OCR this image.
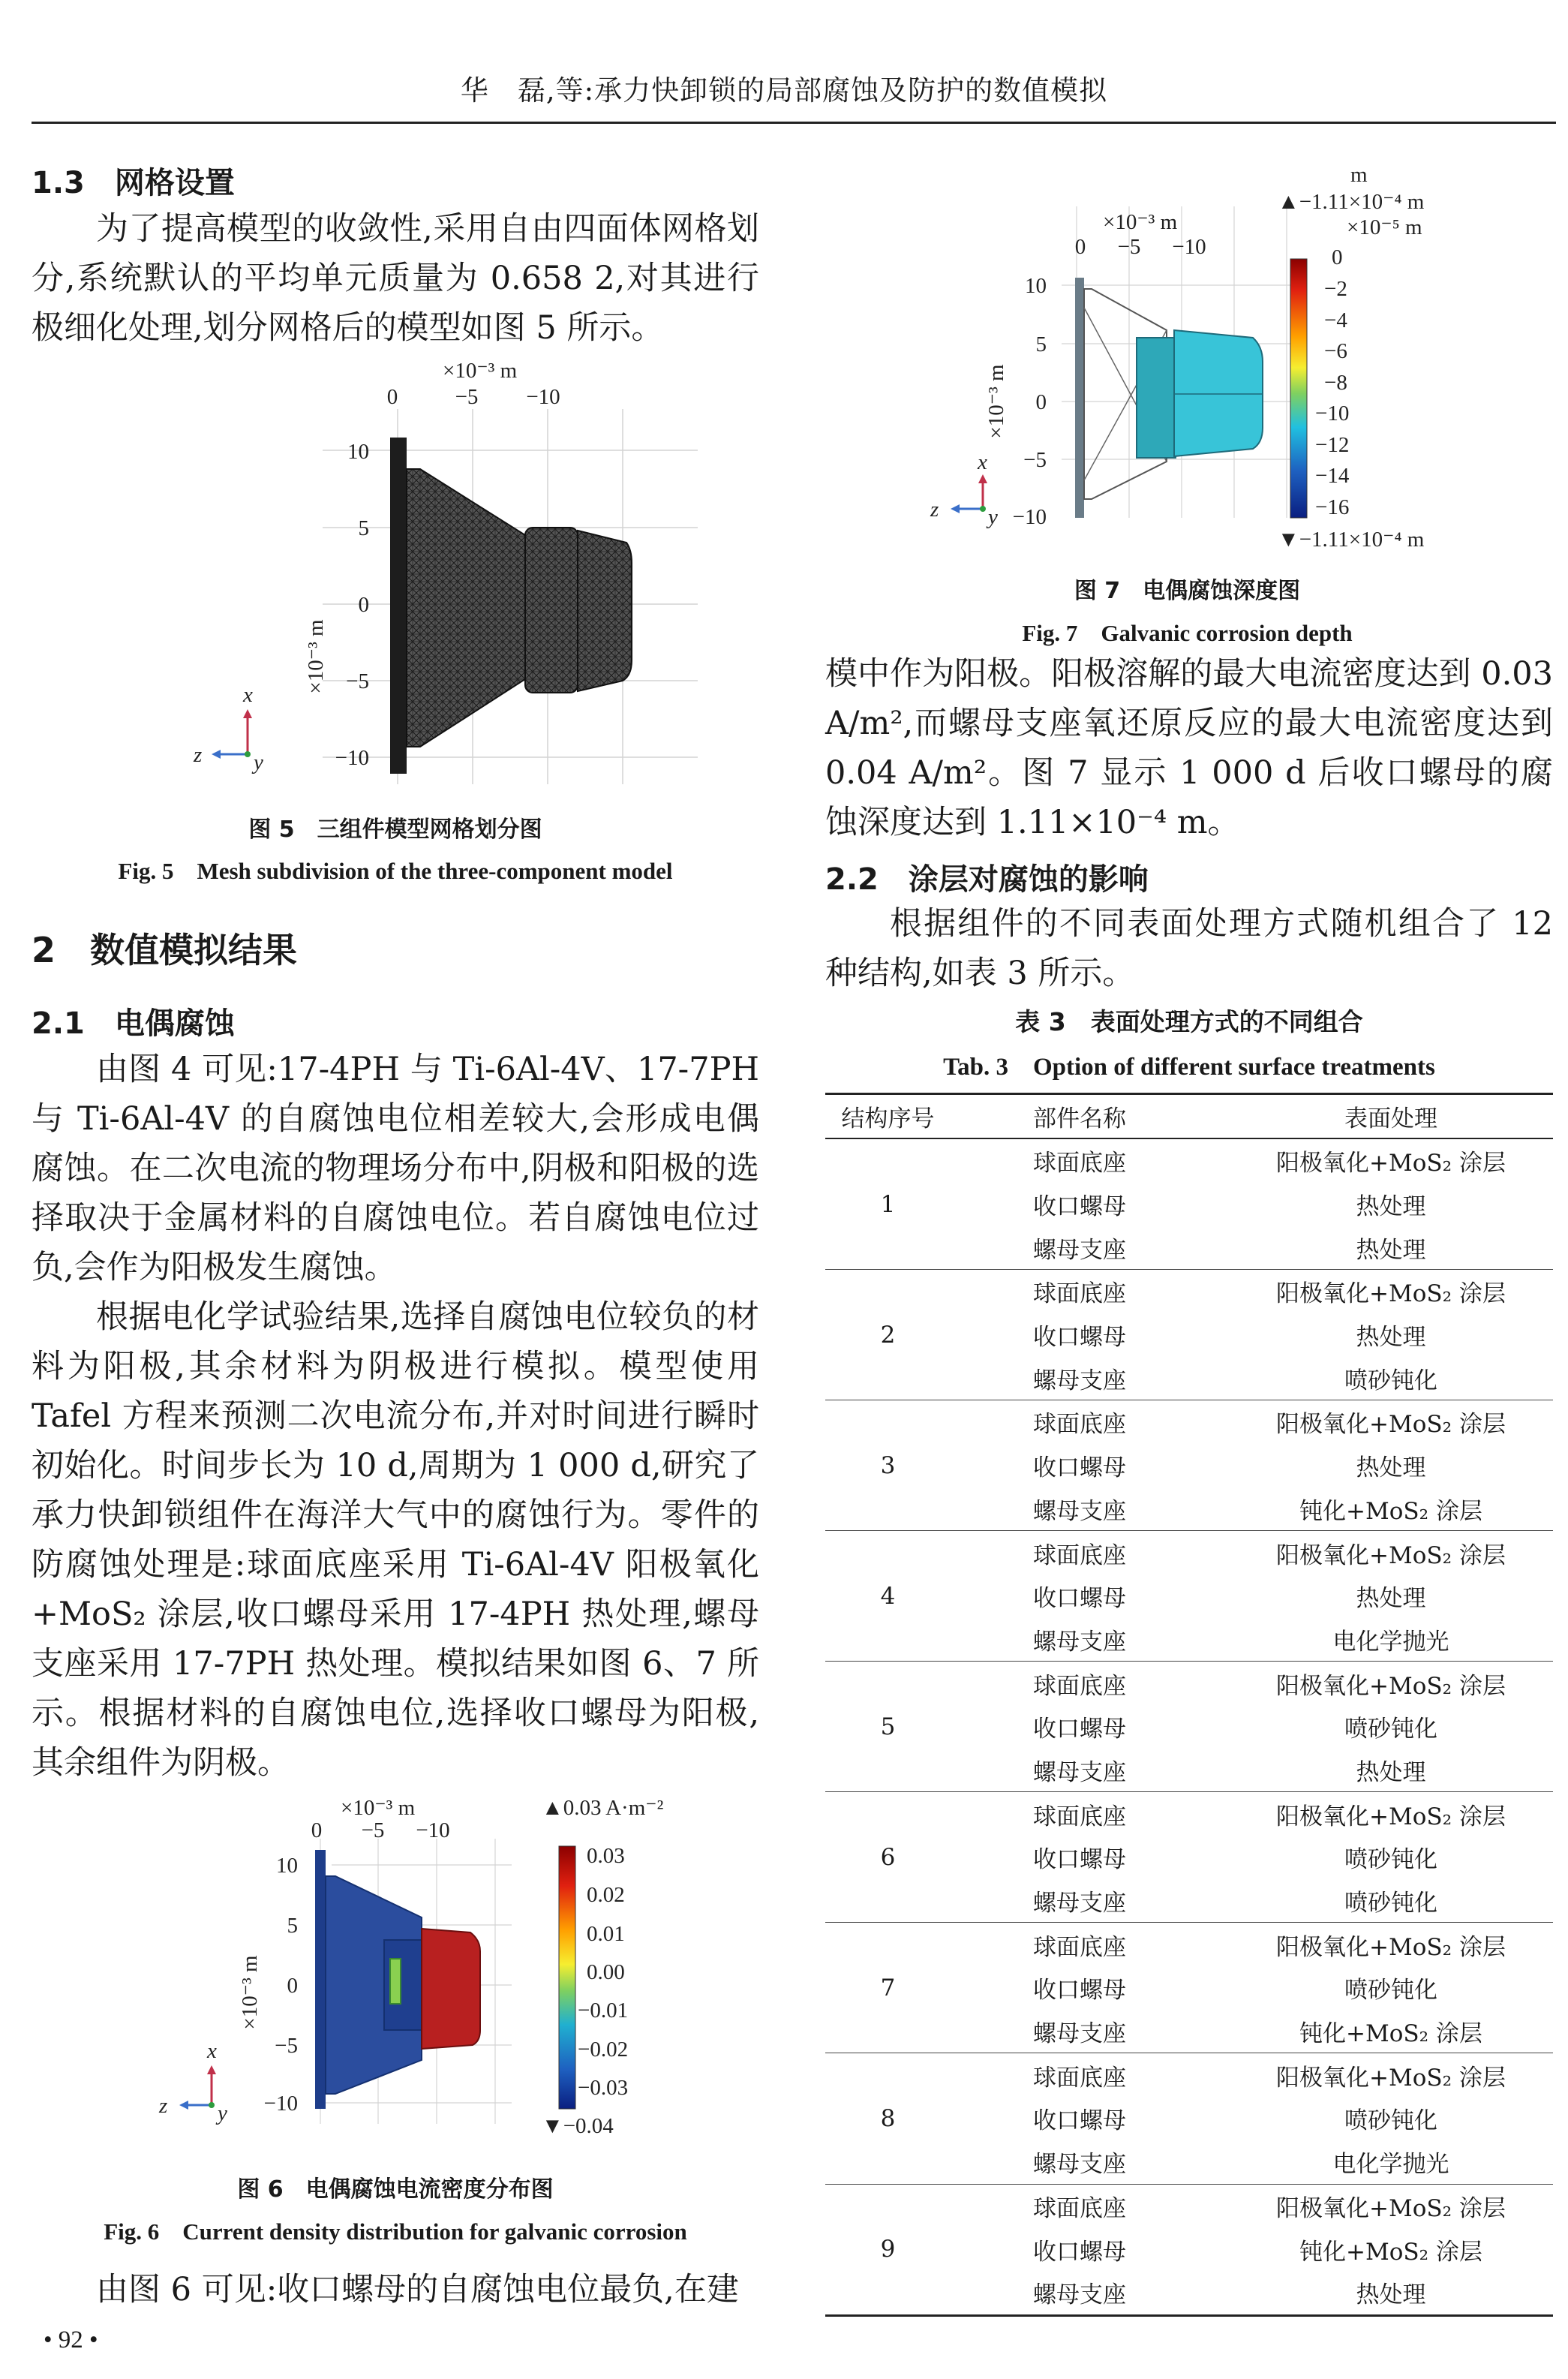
华　磊,等:承力快卸锁的局部腐蚀及防护的数值模拟
1.3　网格设置

为了提高模型的收敛性,采用自由四面体网格划分,系统默认的平均单元质量为 0.658 2,对其进行极细化处理,划分网格后的模型如图 5 所示。

×10⁻³ m
0	−5 −10
10
5
0
−5
−10
×10⁻³ m
x
z y
图 5　三组件模型网格划分图
Fig. 5　Mesh subdivision of the three-component model
2　数值模拟结果
2.1　电偶腐蚀

由图 4 可见:17-4PH 与 Ti-6Al-4V、17-7PH 与 Ti-6Al-4V 的自腐蚀电位相差较大,会形成电偶腐蚀。在二次电流的物理场分布中,阴极和阳极的选择取决于金属材料的自腐蚀电位。若自腐蚀电位过负,会作为阳极发生腐蚀。

根据电化学试验结果,选择自腐蚀电位较负的材料为阳极,其余材料为阴极进行模拟。模型使用 Tafel 方程来预测二次电流分布,并对时间进行瞬时初始化。时间步长为 10 d,周期为 1 000 d,研究了承力快卸锁组件在海洋大气中的腐蚀行为。零件的防腐蚀处理是:球面底座采用 Ti-6Al-4V 阳极氧化+MoS₂ 涂层,收口螺母采用 17-4PH 热处理,螺母支座采用 17-7PH 热处理。模拟结果如图 6、7 所示。根据材料的自腐蚀电位,选择收口螺母为阳极,其余组件为阴极。

×10⁻³ m
0 −5 −10
10
5
0
−5
−10
×10⁻³ m
x
z y
▲0.03 A·m⁻²
0.03
0.02
0.01
0.00
−0.01
−0.02
−0.03
▼−0.04
图 6　电偶腐蚀电流密度分布图
Fig. 6　Current density distribution for galvanic corrosion

由图 6 可见:收口螺母的自腐蚀电位最负,在建

• 92 •
×10⁻³ m
0 −5 −10
10
5
0
−5
−10
×10⁻³ m
x
z y
m
▲−1.11×10⁻⁴ m
×10⁻⁵ m
0
−2
−4
−6
−8
−10
−12
−14
−16
▼−1.11×10⁻⁴ m
图 7　电偶腐蚀深度图
Fig. 7　Galvanic corrosion depth

模中作为阳极。阳极溶解的最大电流密度达到 0.03 A/m²,而螺母支座氧还原反应的最大电流密度达到0.04 A/m²。图 7 显示 1 000 d 后收口螺母的腐蚀深度达到 1.11×10⁻⁴ m。

2.2　涂层对腐蚀的影响

根据组件的不同表面处理方式随机组合了 12 种结构,如表 3 所示。

表 3　表面处理方式的不同组合
Tab. 3　Option of different surface treatments
结构序号	部件名称	表面处理
1	球面底座	阳极氧化+MoS₂ 涂层
	收口螺母	热处理
	螺母支座	热处理
2	球面底座	阳极氧化+MoS₂ 涂层
	收口螺母	热处理
	螺母支座	喷砂钝化
3	球面底座	阳极氧化+MoS₂ 涂层
	收口螺母	热处理
	螺母支座	钝化+MoS₂ 涂层
4	球面底座	阳极氧化+MoS₂ 涂层
	收口螺母	热处理
	螺母支座	电化学抛光
5	球面底座	阳极氧化+MoS₂ 涂层
	收口螺母	喷砂钝化
	螺母支座	热处理
6	球面底座	阳极氧化+MoS₂ 涂层
	收口螺母	喷砂钝化
	螺母支座	喷砂钝化
7	球面底座	阳极氧化+MoS₂ 涂层
	收口螺母	喷砂钝化
	螺母支座	钝化+MoS₂ 涂层
8	球面底座	阳极氧化+MoS₂ 涂层
	收口螺母	喷砂钝化
	螺母支座	电化学抛光
9	球面底座	阳极氧化+MoS₂ 涂层
	收口螺母	钝化+MoS₂ 涂层
	螺母支座	热处理
